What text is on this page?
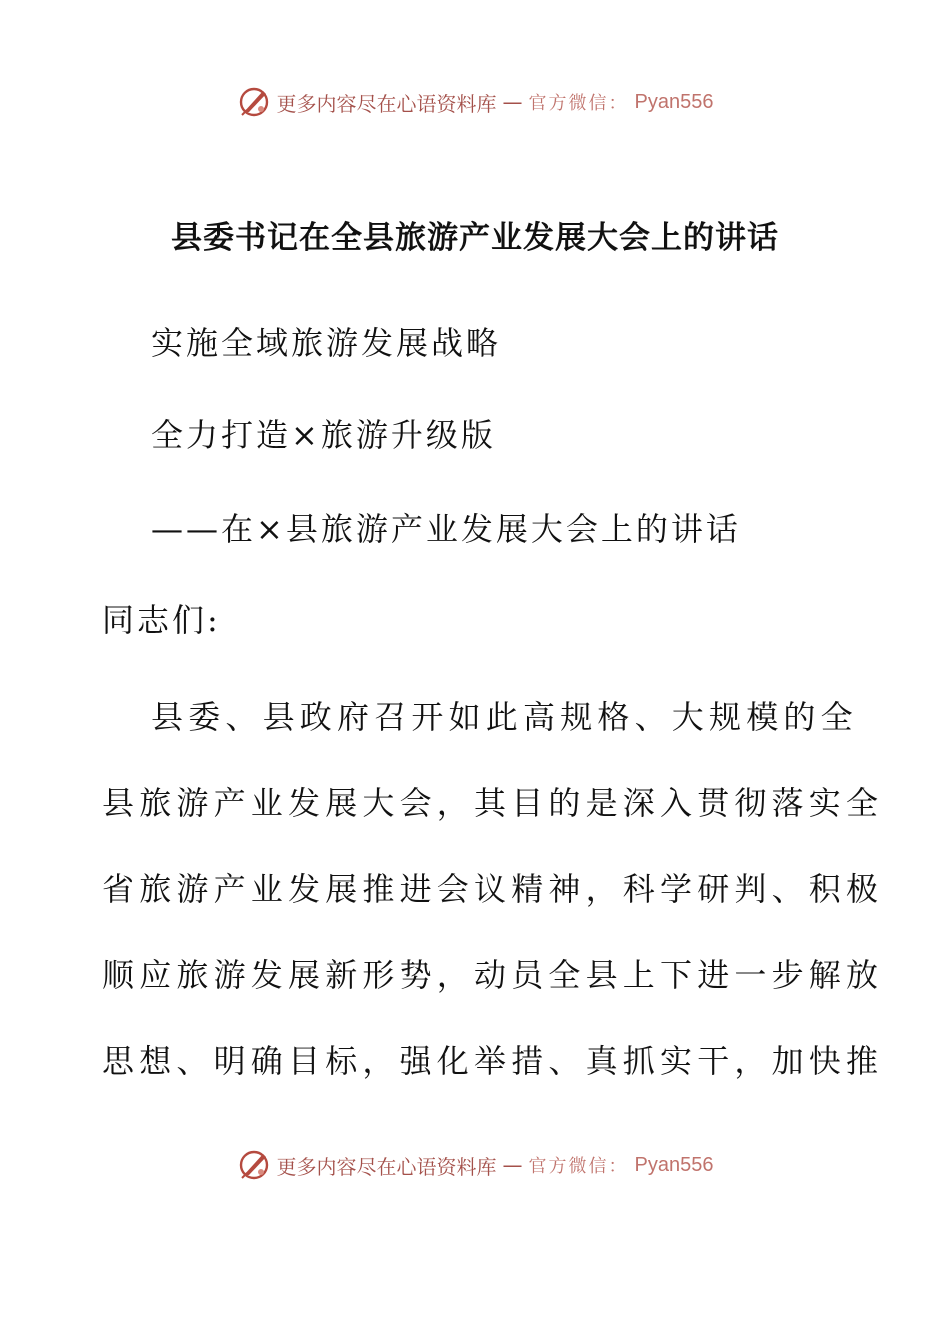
更多内容尽在心语资料库 — 官方微信： Pyan556
县委书记在全县旅游产业发展大会上的讲话

实施全域旅游发展战略

全力打造×旅游升级版

——在×县旅游产业发展大会上的讲话

同志们:

县委、县政府召开如此高规格、大规模的全

县旅游产业发展大会，其目的是深入贯彻落实全

省旅游产业发展推进会议精神，科学研判、积极

顺应旅游发展新形势，动员全县上下进一步解放

思想、明确目标，强化举措、真抓实干，加快推

更多内容尽在心语资料库 — 官方微信： Pyan556
